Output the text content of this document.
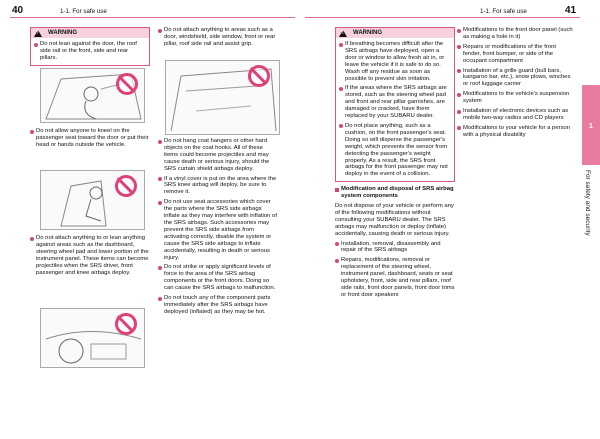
40	1-1. For safe use
! WARNING
Do not lean against the door, the roof side rail or the front, side and rear pillars.
Do not allow anyone to kneel on the passenger seat toward the door or put their head or hands outside the vehicle.
Do not attach anything to or lean anything against areas such as the dashboard, steering wheel pad and lower portion of the instrument panel. These items can become projectiles when the SRS driver, front passenger and knee airbags deploy.
Do not attach anything to areas such as a door, windshield, side window, front or rear pillar, roof side rail and assist grip.
Do not hang coat hangers or other hard objects on the coat hooks. All of these items could become projectiles and may cause death or serious injury, should the SRS curtain shield airbags deploy.
If a vinyl cover is put on the area where the SRS knee airbag will deploy, be sure to remove it.
Do not use seat accessories which cover the parts where the SRS side airbags inflate as they may interfere with inflation of the SRS airbags. Such accessories may prevent the SRS side airbags from activating correctly, disable the system or cause the SRS side airbags to inflate accidentally, resulting in death or serious injury.
Do not strike or apply significant levels of force to the area of the SRS airbag components or the front doors. Doing so can cause the SRS airbags to malfunction.
Do not touch any of the component parts immediately after the SRS airbags have deployed (inflated) as they may be hot.
41
1-1. For safe use
! WARNING
If breathing becomes difficult after the SRS airbags have deployed, open a door or window to allow fresh air in, or leave the vehicle if it is safe to do so. Wash off any residue as soon as possible to prevent skin irritation.
If the areas where the SRS airbags are stored, such as the steering wheel pad and front and rear pillar garnishes, are damaged or cracked, have them replaced by your SUBARU dealer.
Do not place anything, such as a cushion, on the front passenger's seat. Doing so will disperse the passenger's weight, which prevents the sensor from detecting the passenger's weight properly. As a result, the SRS front airbags for the front passenger may not deploy in the event of a collision.
Modification and disposal of SRS airbag system components
Do not dispose of your vehicle or perform any of the following modifications without consulting your SUBARU dealer. The SRS airbags may malfunction or deploy (inflate) accidentally, causing death or serious injury.
Installation, removal, disassembly and repair of the SRS airbags
Repairs, modifications, removal or replacement of the steering wheel, instrument panel, dashboard, seats or seat upholstery, front, side and rear pillars, roof side rails, front door panels, front door trims or front door speakers
Modifications to the front door panel (such as making a hole in it)
Repairs or modifications of the front fender, front bumper, or side of the occupant compartment
Installation of a grille guard (bull bars, kangaroo bar, etc.), snow plows, winches or roof luggage carrier
Modifications to the vehicle's suspension system
Installation of electronic devices such as mobile two-way radios and CD players
Modifications to your vehicle for a person with a physical disability
1
For safety and security
